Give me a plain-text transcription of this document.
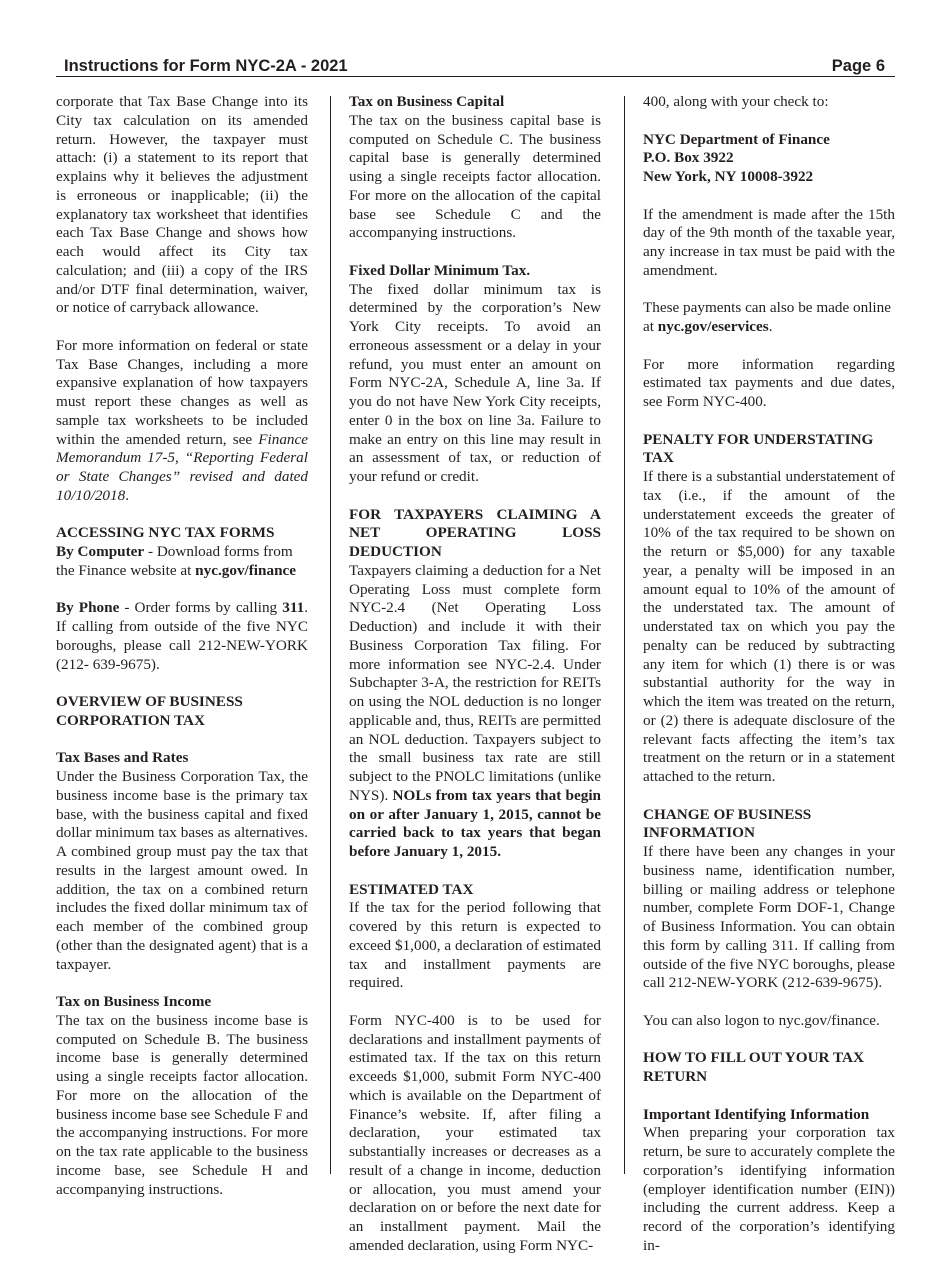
Instructions for Form NYC-2A - 2021	Page 6

corporate that Tax Base Change into its City tax calculation on its amended return. However, the taxpayer must attach: (i) a statement to its report that explains why it believes the adjustment is erroneous or inapplicable; (ii) the explanatory tax worksheet that identifies each Tax Base Change and shows how each would affect its City tax calculation; and (iii) a copy of the IRS and/or DTF final determination, waiver, or notice of carryback allowance.

For more information on federal or state Tax Base Changes, including a more expansive explanation of how taxpayers must report these changes as well as sample tax worksheets to be included within the amended return, see Finance Memorandum 17-5, “Reporting Federal or State Changes” revised and dated 10/10/2018.

ACCESSING NYC TAX FORMS

By Computer - Download forms from the Finance website at nyc.gov/finance

By Phone - Order forms by calling 311. If calling from outside of the five NYC boroughs, please call 212-NEW-YORK (212- 639-9675).

OVERVIEW OF BUSINESS CORPORATION TAX

Tax Bases and Rates

Under the Business Corporation Tax, the business income base is the primary tax base, with the business capital and fixed dollar minimum tax bases as alternatives. A combined group must pay the tax that results in the largest amount owed. In addition, the tax on a combined return includes the fixed dollar minimum tax of each member of the combined group (other than the designated agent) that is a taxpayer.

Tax on Business Income

The tax on the business income base is computed on Schedule B. The business income base is generally determined using a single receipts factor allocation. For more on the allocation of the business income base see Schedule F and the accompanying instructions. For more on the tax rate applicable to the business income base, see Schedule H and accompanying instructions.

Tax on Business Capital

The tax on the business capital base is computed on Schedule C. The business capital base is generally determined using a single receipts factor allocation. For more on the allocation of the capital base see Schedule C and the accompanying instructions.

Fixed Dollar Minimum Tax.

The fixed dollar minimum tax is determined by the corporation’s New York City receipts. To avoid an erroneous assessment or a delay in your refund, you must enter an amount on Form NYC-2A, Schedule A, line 3a. If you do not have New York City receipts, enter 0 in the box on line 3a. Failure to make an entry on this line may result in an assessment of tax, or reduction of your refund or credit.

FOR TAXPAYERS CLAIMING A NET OPERATING LOSS DEDUCTION

Taxpayers claiming a deduction for a Net Operating Loss must complete form NYC-2.4 (Net Operating Loss Deduction) and include it with their Business Corporation Tax filing. For more information see NYC-2.4. Under Subchapter 3-A, the restriction for REITs on using the NOL deduction is no longer applicable and, thus, REITs are permitted an NOL deduction. Taxpayers subject to the small business tax rate are still subject to the PNOLC limitations (unlike NYS). NOLs from tax years that begin on or after January 1, 2015, cannot be carried back to tax years that began before January 1, 2015.

ESTIMATED TAX

If the tax for the period following that covered by this return is expected to exceed $1,000, a declaration of estimated tax and installment payments are required.

Form NYC-400 is to be used for declarations and installment payments of estimated tax. If the tax on this return exceeds $1,000, submit Form NYC-400 which is available on the Department of Finance’s website. If, after filing a declaration, your estimated tax substantially increases or decreases as a result of a change in income, deduction or allocation, you must amend your declaration on or before the next date for an installment payment. Mail the amended declaration, using Form NYC-

400, along with your check to:

NYC Department of Finance

P.O. Box 3922

New York, NY 10008-3922

If the amendment is made after the 15th day of the 9th month of the taxable year, any increase in tax must be paid with the amendment.

These payments can also be made online at nyc.gov/eservices.

For more information regarding estimated tax payments and due dates, see Form NYC-400.

PENALTY FOR UNDERSTATING TAX

If there is a substantial understatement of tax (i.e., if the amount of the understatement exceeds the greater of 10% of the tax required to be shown on the return or $5,000) for any taxable year, a penalty will be imposed in an amount equal to 10% of the amount of the understated tax. The amount of understated tax on which you pay the penalty can be reduced by subtracting any item for which (1) there is or was substantial authority for the way in which the item was treated on the return, or (2) there is adequate disclosure of the relevant facts affecting the item’s tax treatment on the return or in a statement attached to the return.

CHANGE OF BUSINESS INFORMATION

If there have been any changes in your business name, identification number, billing or mailing address or telephone number, complete Form DOF-1, Change of Business Information. You can obtain this form by calling 311. If calling from outside of the five NYC boroughs, please call 212-NEW-YORK (212-639-9675).

You can also logon to nyc.gov/finance.

HOW TO FILL OUT YOUR TAX RETURN

Important Identifying Information

When preparing your corporation tax return, be sure to accurately complete the corporation’s identifying information (employer identification number (EIN)) including the current address. Keep a record of the corporation’s identifying in-
